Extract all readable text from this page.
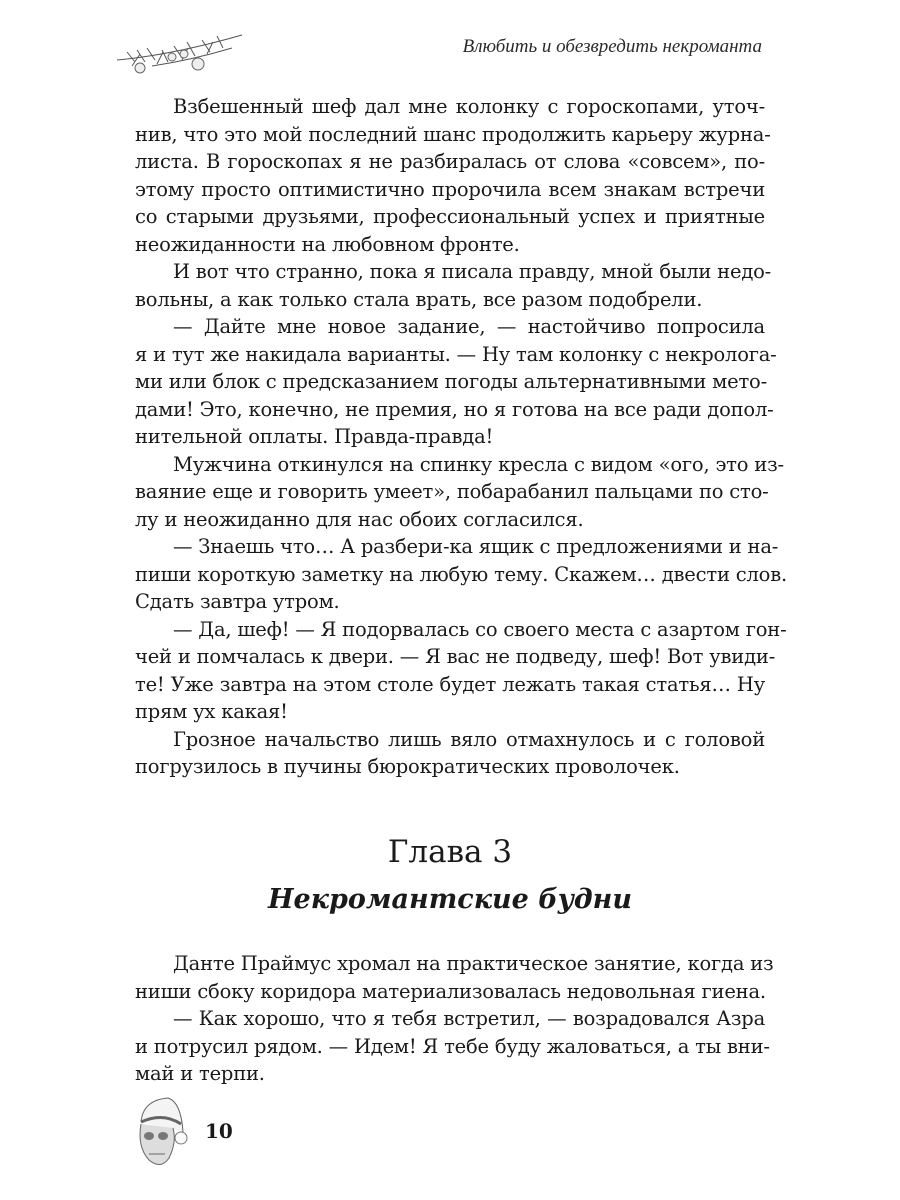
Влюбить и обезвредить некроманта
Взбешенный шеф дал мне колонку с гороскопами, уточ-
нив, что это мой последний шанс продолжить карьеру журна-
листа. В гороскопах я не разбиралась от слова «совсем», по-
этому просто оптимистично пророчила всем знакам встречи
со старыми друзьями, профессиональный успех и приятные
неожиданности на любовном фронте.
И вот что странно, пока я писала правду, мной были недо-
вольны, а как только стала врать, все разом подобрели.
— Дайте мне новое задание, — настойчиво попросила
я и тут же накидала варианты. — Ну там колонку с некролога-
ми или блок с предсказанием погоды альтернативными мето-
дами! Это, конечно, не премия, но я готова на все ради допол-
нительной оплаты. Правда-правда!
Мужчина откинулся на спинку кресла с видом «ого, это из-
ваяние еще и говорить умеет», побарабанил пальцами по сто-
лу и неожиданно для нас обоих согласился.
— Знаешь что… А разбери-ка ящик с предложениями и на-
пиши короткую заметку на любую тему. Скажем… двести слов.
Сдать завтра утром.
— Да, шеф! — Я подорвалась со своего места с азартом гон-
чей и помчалась к двери. — Я вас не подведу, шеф! Вот увиди-
те! Уже завтра на этом столе будет лежать такая статья… Ну
прям ух какая!
Грозное начальство лишь вяло отмахнулось и с головой
погрузилось в пучины бюрократических проволочек.
Глава 3
Некромантские будни
Данте Праймус хромал на практическое занятие, когда из
ниши сбоку коридора материализовалась недовольная гиена.
— Как хорошо, что я тебя встретил, — возрадовался Азра
и потрусил рядом. — Идем! Я тебе буду жаловаться, а ты вни-
май и терпи.
10
